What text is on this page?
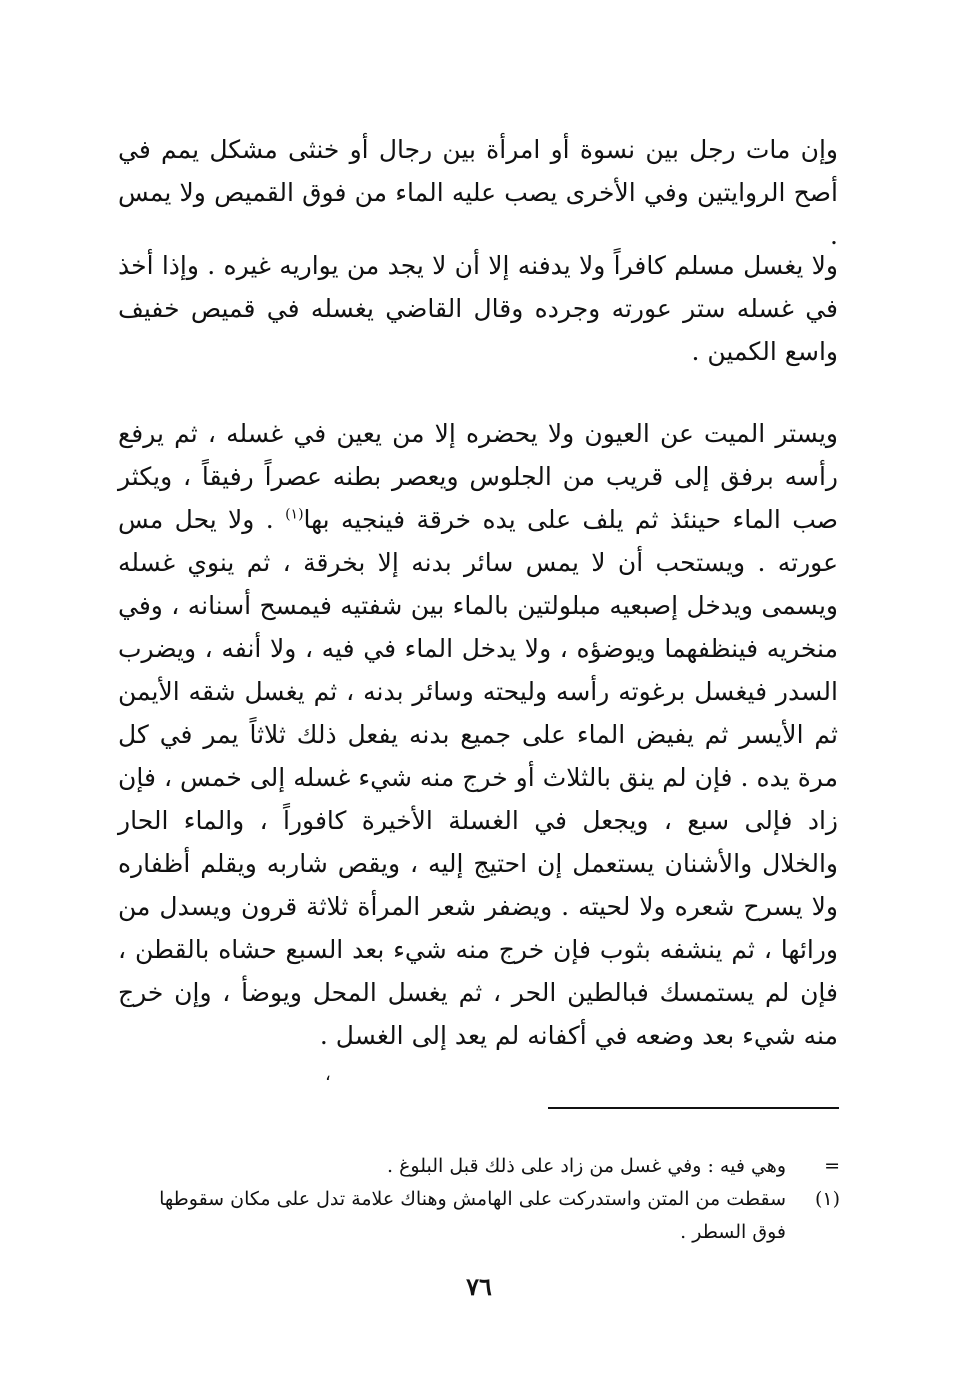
وإن مات رجل بين نسوة أو امرأة بين رجال أو خنثى مشكل يمم في أصح الروايتين وفي الأخرى يصب عليه الماء من فوق القميص ولا يمس .

ولا يغسل مسلم كافراً ولا يدفنه إلا أن لا يجد من يواريه غيره . وإذا أخذ في غسله ستر عورته وجرده وقال القاضي يغسله في قميص خفيف واسع الكمين .

ويستر الميت عن العيون ولا يحضره إلا من يعين في غسله ، ثم يرفع رأسه برفق إلى قريب من الجلوس ويعصر بطنه عصراً رفيقاً ، ويكثر صب الماء حينئذ ثم يلف على يده خرقة فينجيه بها$^{(١)}$ . ولا يحل مس عورته . ويستحب أن لا يمس سائر بدنه إلا بخرقة ، ثم ينوي غسله ويسمى ويدخل إصبعيه مبلولتين بالماء بين شفتيه فيمسح أسنانه ، وفي منخريه فينظفهما ويوضؤه ، ولا يدخل الماء في فيه ، ولا أنفه ، ويضرب السدر فيغسل برغوته رأسه وليحته وسائر بدنه ، ثم يغسل شقه الأيمن ثم الأيسر ثم يفيض الماء على جميع بدنه يفعل ذلك ثلاثاً يمر في كل مرة يده . فإن لم ينق بالثلاث أو خرج منه شيء غسله إلى خمس ، فإن زاد فإلى سبع ، ويجعل في الغسلة الأخيرة كافوراً ، والماء الحار والخلال والأشنان يستعمل إن احتيج إليه ، ويقص شاربه ويقلم أظفاره ولا يسرح شعره ولا لحيته . ويضفر شعر المرأة ثلاثة قرون ويسدل من ورائها ، ثم ينشفه بثوب فإن خرج منه شيء بعد السبع حشاه بالقطن ، فإن لم يستمسك فبالطين الحر ، ثم يغسل المحل ويوضأ ، وإن خرج منه شيء بعد وضعه في أكفانه لم يعد إلى الغسل .

،
=
وهي فيه : وفي غسل من زاد على ذلك قبل البلوغ .
(١)
سقطت من المتن واستدركت على الهامش وهناك علامة تدل على مكان سقوطها فوق السطر .
٧٦
